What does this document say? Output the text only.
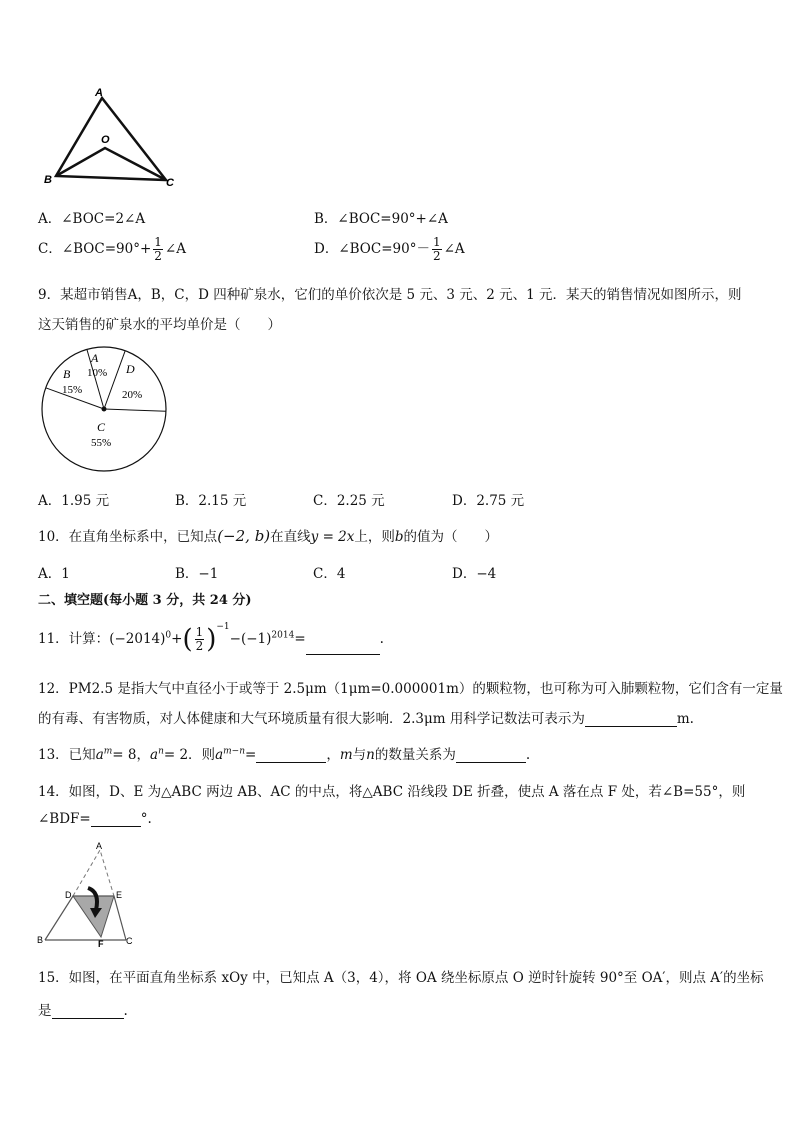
A
O
B	C
A．∠BOC=2∠A	B．∠BOC=90°+∠A
C．∠BOC=90°+ $\frac{1}{2}$ ∠A	D．∠BOC=90°－ $\frac{1}{2}$ ∠A
9．某超市销售A，B，C，D 四种矿泉水，它们的单价依次是 5 元、3 元、2 元、1 元．某天的销售情况如图所示，则
这天销售的矿泉水的平均单价是（　　）
A
10%
B
15%
D
20%
C
55%
A．1.95 元	B．2.15 元	C．2.25 元	D．2.75 元
10．在直角坐标系中，已知点(−2, b)在直线y = 2x上，则b的值为（　　）
A．1	B．−1	C．4	D．−4
二、填空题(每小题 3 分，共 24 分)
11．计算：$(-2014)^0+( \frac{1}{2} )^{-1}-(-1)^{2014}=$	.
12．PM2.5 是指大气中直径小于或等于 2.5μm（1μm=0.000001m）的颗粒物，也可称为可入肺颗粒物，它们含有一定量
的有毒、有害物质，对人体健康和大气环境质量有很大影响．2.3μm 用科学记数法可表示为	m.
13．已知$a^m= 8$，$a^n= 2$．则$a^{m-n}=$	，m与n的数量关系为	.
14．如图，D、E 为△ABC 两边 AB、AC 的中点，将△ABC 沿线段 DE 折叠，使点 A 落在点 F 处，若∠B=55°，则
∠BDF=	°.
A
D	E
B	F	C
15．如图，在平面直角坐标系 xOy 中，已知点 A（3，4），将 OA 绕坐标原点 O 逆时针旋转 90°至 OA′，则点 A′的坐标
是	.
